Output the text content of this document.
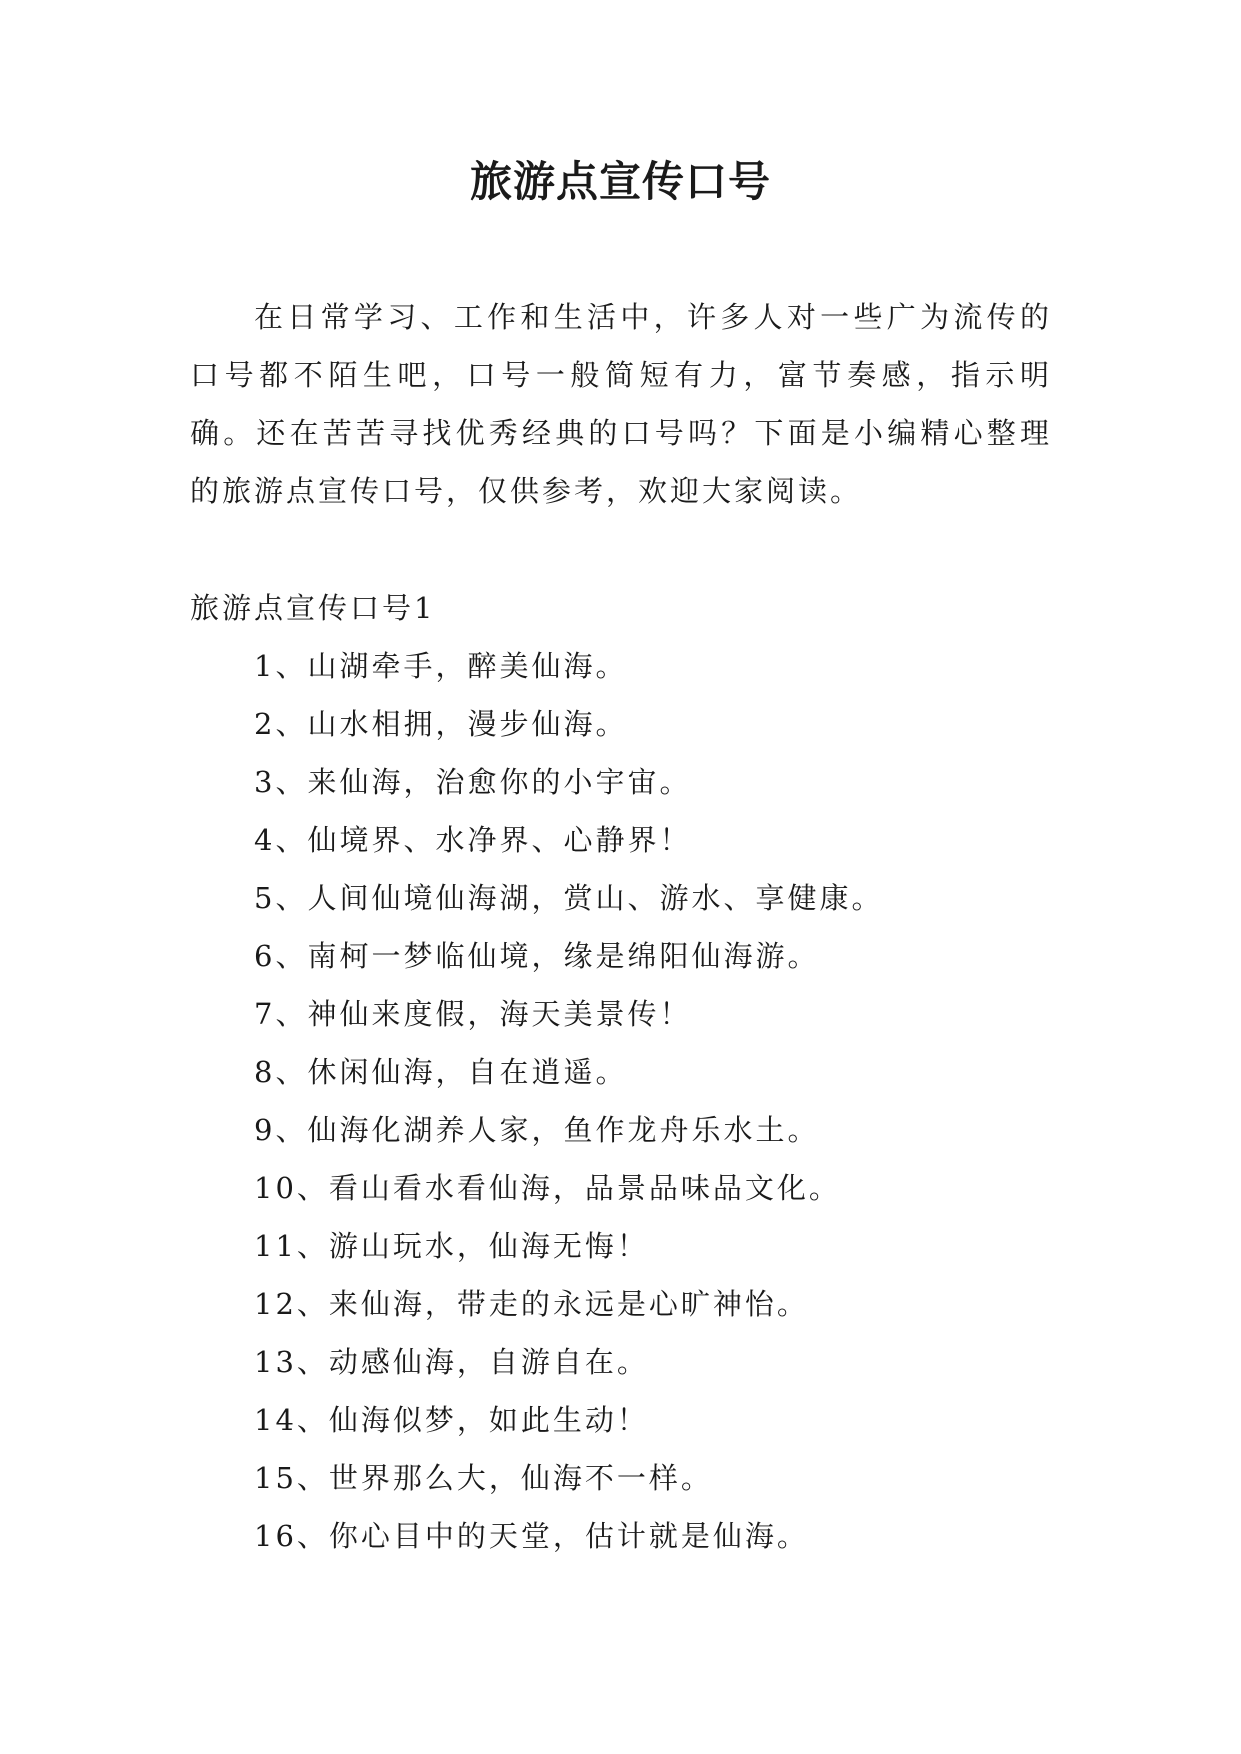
旅游点宣传口号

在日常学习、工作和生活中，许多人对一些广为流传的口号都不陌生吧，口号一般简短有力，富节奏感，指示明确。还在苦苦寻找优秀经典的口号吗？下面是小编精心整理的旅游点宣传口号，仅供参考，欢迎大家阅读。

旅游点宣传口号1

1、山湖牵手，醉美仙海。
2、山水相拥，漫步仙海。
3、来仙海，治愈你的小宇宙。
4、仙境界、水净界、心静界！
5、人间仙境仙海湖，赏山、游水、享健康。
6、南柯一梦临仙境，缘是绵阳仙海游。
7、神仙来度假，海天美景传！
8、休闲仙海，自在逍遥。
9、仙海化湖养人家，鱼作龙舟乐水土。
10、看山看水看仙海，品景品味品文化。
11、游山玩水，仙海无悔！
12、来仙海，带走的永远是心旷神怡。
13、动感仙海，自游自在。
14、仙海似梦，如此生动！
15、世界那么大，仙海不一样。
16、你心目中的天堂，估计就是仙海。
